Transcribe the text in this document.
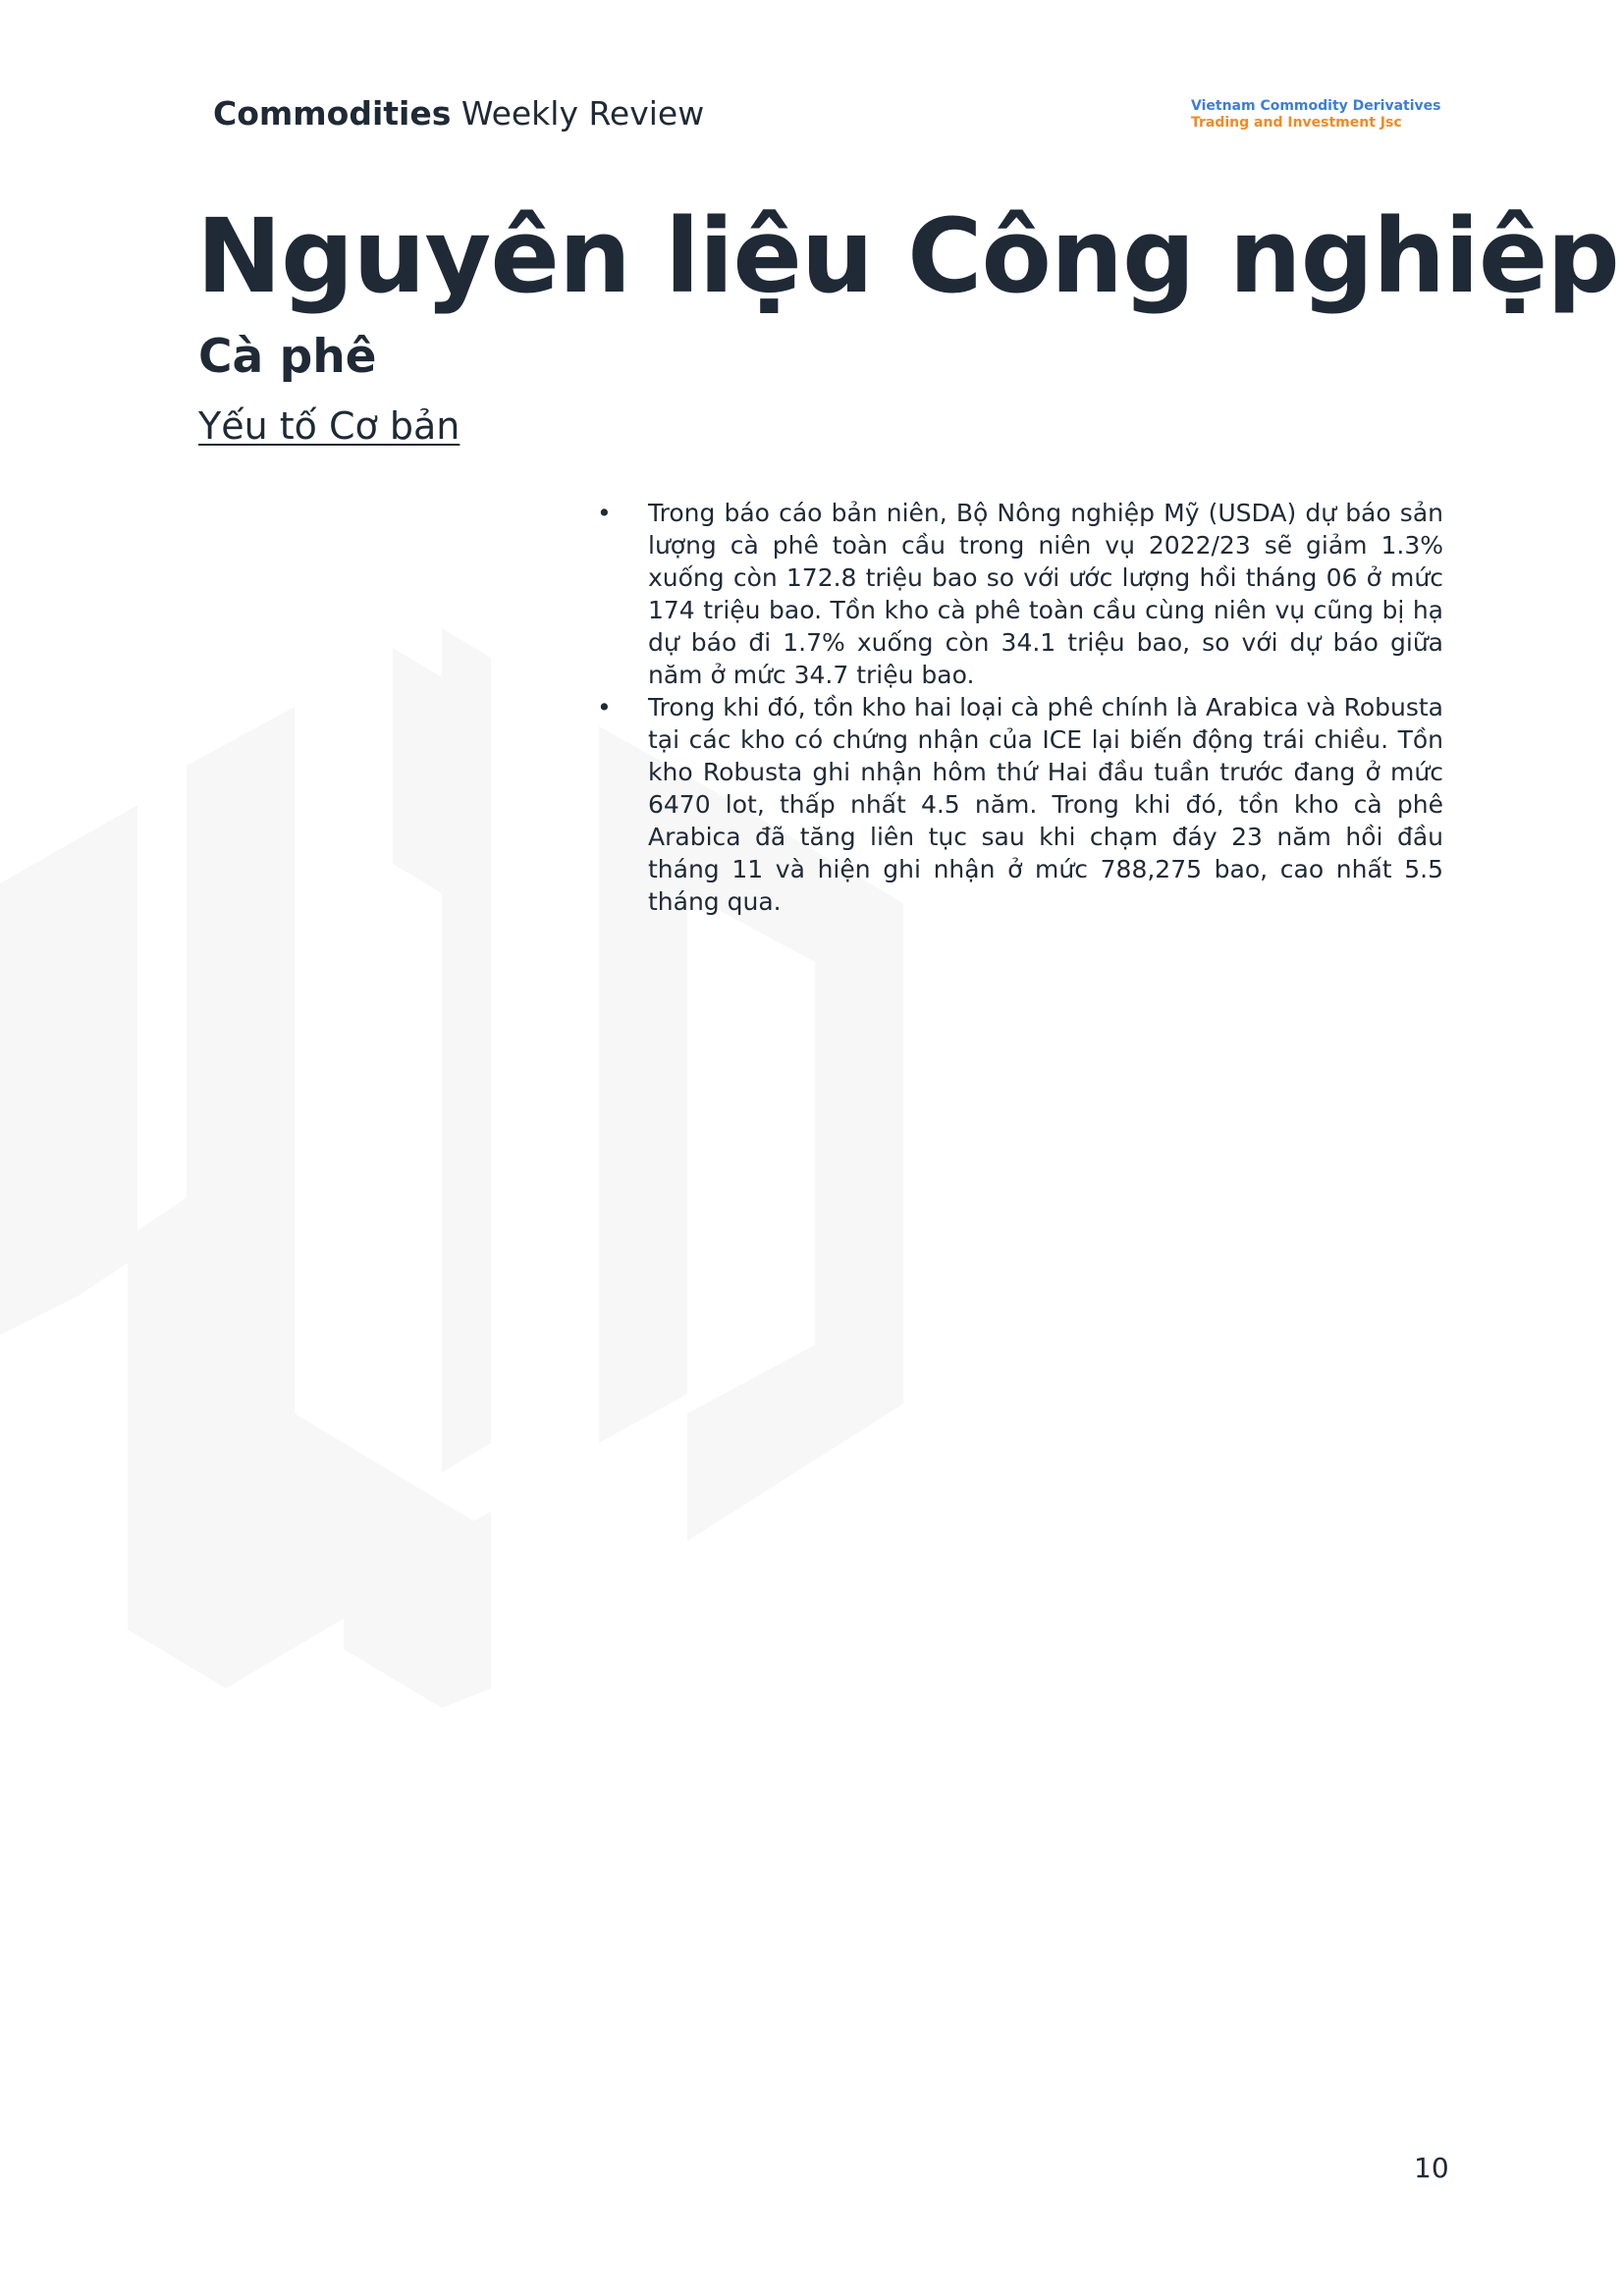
Commodities Weekly Review	Vietnam Commodity Derivatives
Trading and Investment Jsc
Nguyên liệu Công nghiệp
Cà phê
Yếu tố Cơ bản
• Trong báo cáo bản niên, Bộ Nông nghiệp Mỹ (USDA) dự báo sản lượng cà phê toàn cầu trong niên vụ 2022/23 sẽ giảm 1.3% xuống còn 172.8 triệu bao so với ước lượng hồi tháng 06 ở mức 174 triệu bao. Tồn kho cà phê toàn cầu cùng niên vụ cũng bị hạ dự báo đi 1.7% xuống còn 34.1 triệu bao, so với dự báo giữa năm ở mức 34.7 triệu bao.
• Trong khi đó, tồn kho hai loại cà phê chính là Arabica và Robusta tại các kho có chứng nhận của ICE lại biến động trái chiều. Tồn kho Robusta ghi nhận hôm thứ Hai đầu tuần trước đang ở mức 6470 lot, thấp nhất 4.5 năm. Trong khi đó, tồn kho cà phê Arabica đã tăng liên tục sau khi chạm đáy 23 năm hồi đầu tháng 11 và hiện ghi nhận ở mức 788,275 bao, cao nhất 5.5 tháng qua.
10
